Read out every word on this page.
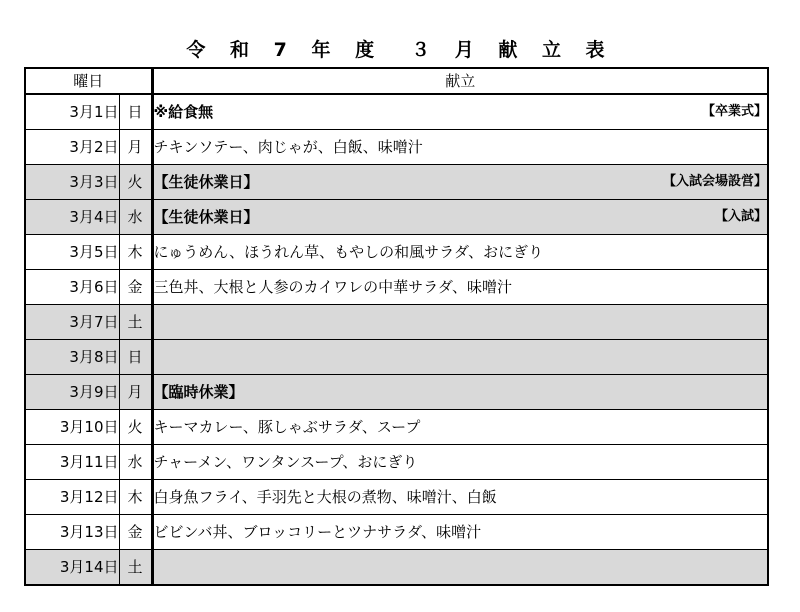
令 和 7 年 度　３ 月 献 立 表
曜日		献立
3月1日	日	※給食無 【卒業式】

3月2日	月	チキンソテー、肉じゃが、白飯、味噌汁

3月3日	火	【生徒休業日】 【入試会場設営】

3月4日	水	【生徒休業日】 【入試】

3月5日	木	にゅうめん、ほうれん草、もやしの和風サラダ、おにぎり

3月6日	金	三色丼、大根と人参のカイワレの中華サラダ、味噌汁

3月7日	土	

3月8日	日	

3月9日	月	【臨時休業】

3月10日	火	キーマカレー、豚しゃぶサラダ、スープ

3月11日	水	チャーメン、ワンタンスープ、おにぎり

3月12日	木	白身魚フライ、手羽先と大根の煮物、味噌汁、白飯

3月13日	金	ビビンバ丼、ブロッコリーとツナサラダ、味噌汁

3月14日	土	
